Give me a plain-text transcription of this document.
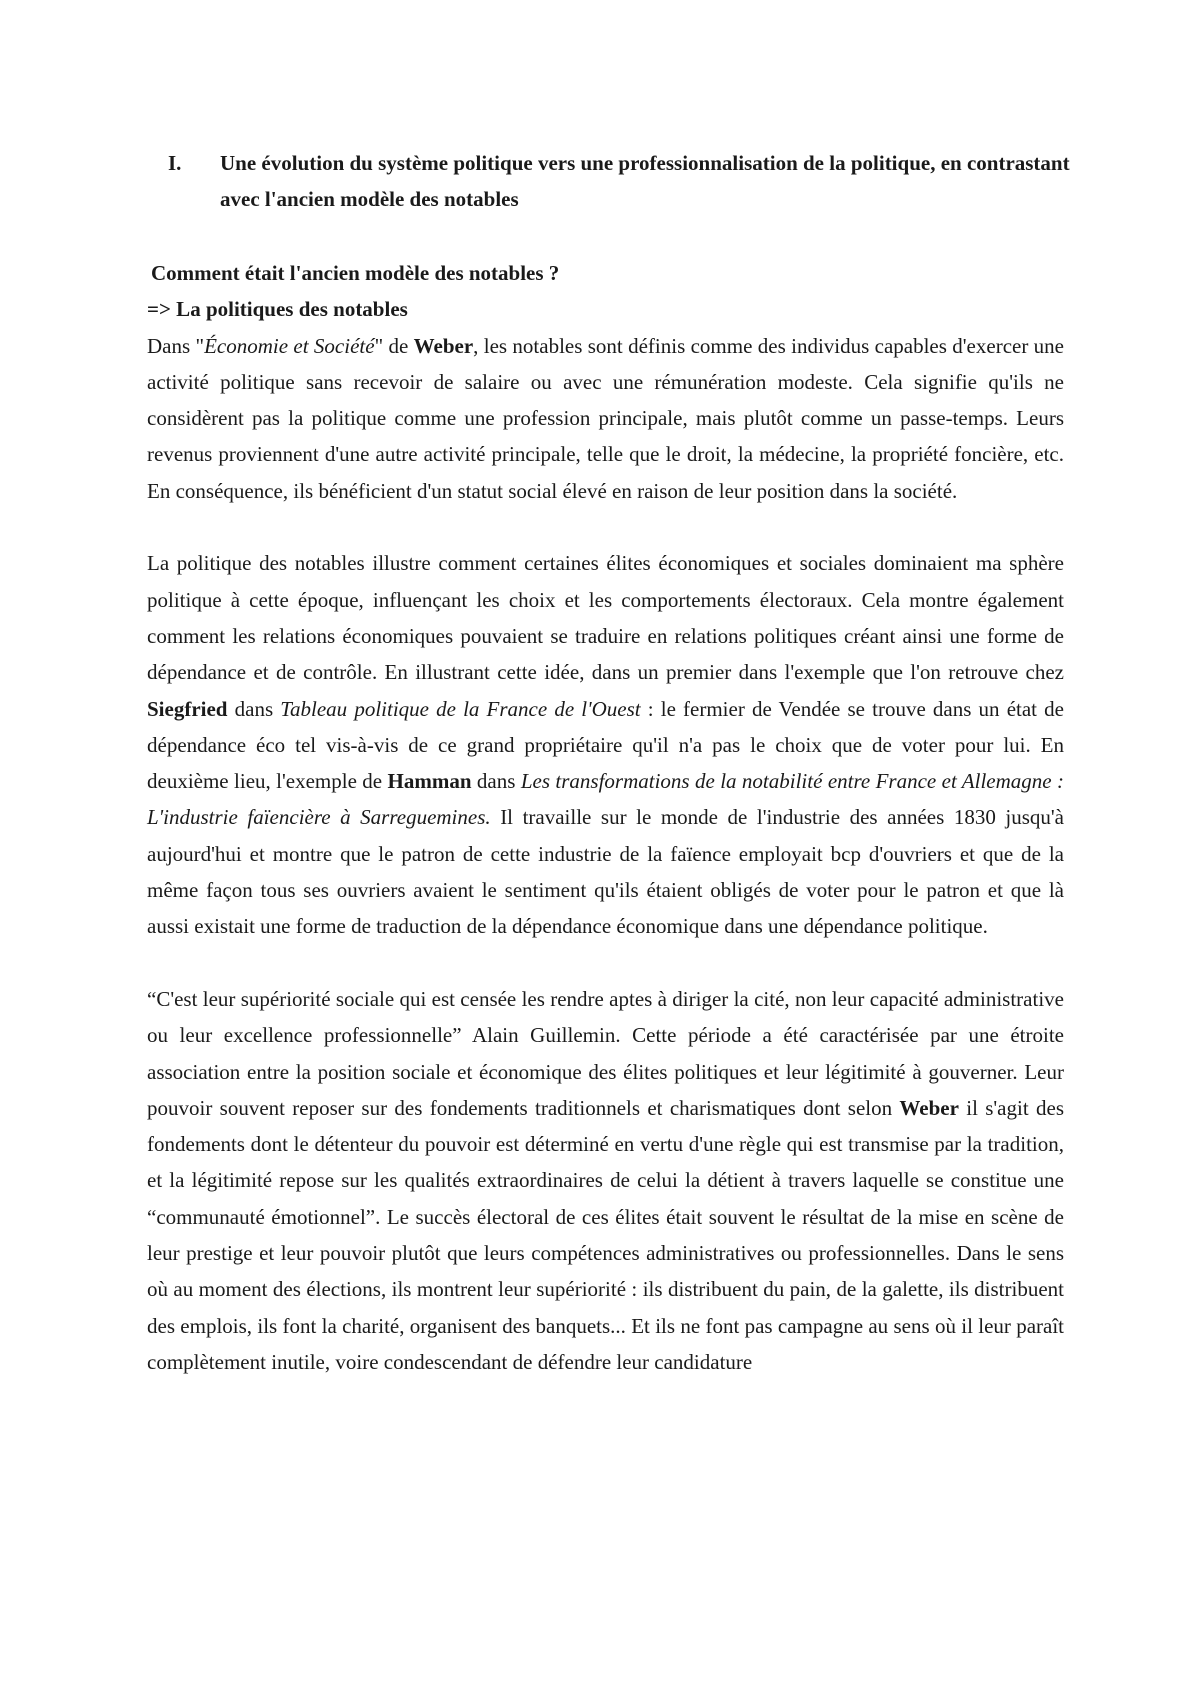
I. Une évolution du système politique vers une professionnalisation de la politique, en contrastant avec l'ancien modèle des notables

Comment était l'ancien modèle des notables ?

=> La politiques des notables

Dans "Économie et Société" de Weber, les notables sont définis comme des individus capables d'exercer une activité politique sans recevoir de salaire ou avec une rémunération modeste. Cela signifie qu'ils ne considèrent pas la politique comme une profession principale, mais plutôt comme un passe-temps. Leurs revenus proviennent d'une autre activité principale, telle que le droit, la médecine, la propriété foncière, etc. En conséquence, ils bénéficient d'un statut social élevé en raison de leur position dans la société.

La politique des notables illustre comment certaines élites économiques et sociales dominaient ma sphère politique à cette époque, influençant les choix et les comportements électoraux. Cela montre également comment les relations économiques pouvaient se traduire en relations politiques créant ainsi une forme de dépendance et de contrôle. En illustrant cette idée, dans un premier dans l'exemple que l'on retrouve chez Siegfried dans Tableau politique de la France de l'Ouest : le fermier de Vendée se trouve dans un état de dépendance éco tel vis-à-vis de ce grand propriétaire qu'il n'a pas le choix que de voter pour lui. En deuxième lieu, l'exemple de Hamman dans Les transformations de la notabilité entre France et Allemagne : L'industrie faïencière à Sarreguemines. Il travaille sur le monde de l'industrie des années 1830 jusqu'à aujourd'hui et montre que le patron de cette industrie de la faïence employait bcp d'ouvriers et que de la même façon tous ses ouvriers avaient le sentiment qu'ils étaient obligés de voter pour le patron et que là aussi existait une forme de traduction de la dépendance économique dans une dépendance politique.

“C'est leur supériorité sociale qui est censée les rendre aptes à diriger la cité, non leur capacité administrative ou leur excellence professionnelle” Alain Guillemin. Cette période a été caractérisée par une étroite association entre la position sociale et économique des élites politiques et leur légitimité à gouverner. Leur pouvoir souvent reposer sur des fondements traditionnels et charismatiques dont selon Weber il s'agit des fondements dont le détenteur du pouvoir est déterminé en vertu d'une règle qui est transmise par la tradition, et la légitimité repose sur les qualités extraordinaires de celui la détient à travers laquelle se constitue une “communauté émotionnel”. Le succès électoral de ces élites était souvent le résultat de la mise en scène de leur prestige et leur pouvoir plutôt que leurs compétences administratives ou professionnelles. Dans le sens où au moment des élections, ils montrent leur supériorité : ils distribuent du pain, de la galette, ils distribuent des emplois, ils font la charité, organisent des banquets... Et ils ne font pas campagne au sens où il leur paraît complètement inutile, voire condescendant de défendre leur candidature
